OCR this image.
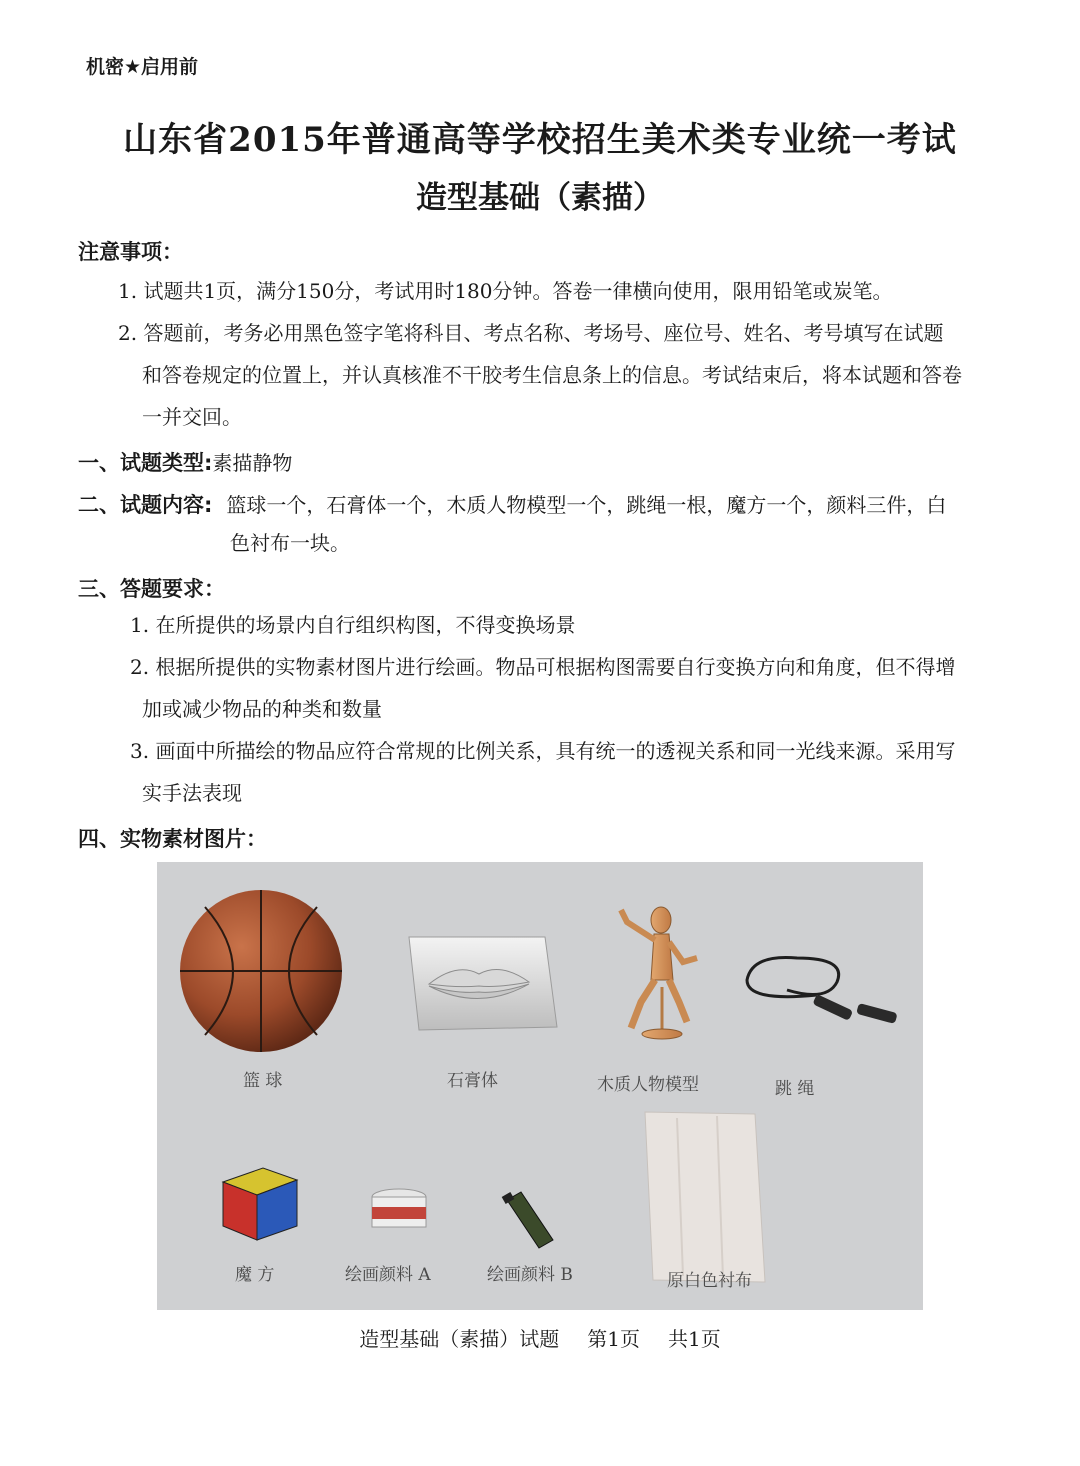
机密★启用前
山东省2015年普通高等学校招生美术类专业统一考试
造型基础（素描）
注意事项：
1. 试题共1页，满分150分，考试用时180分钟。答卷一律横向使用，限用铅笔或炭笔。
2. 答题前，考务必用黑色签字笔将科目、考点名称、考场号、座位号、姓名、考号填写在试题
和答卷规定的位置上，并认真核准不干胶考生信息条上的信息。考试结束后，将本试题和答卷
一并交回。
一、试题类型:素描静物
二、试题内容: 篮球一个，石膏体一个，木质人物模型一个，跳绳一根，魔方一个，颜料三件，白
色衬布一块。
三、答题要求：
1. 在所提供的场景内自行组织构图，不得变换场景
2. 根据所提供的实物素材图片进行绘画。物品可根据构图需要自行变换方向和角度，但不得增
加或减少物品的种类和数量
3. 画面中所描绘的物品应符合常规的比例关系，具有统一的透视关系和同一光线来源。采用写
实手法表现
四、实物素材图片：
篮 球	石膏体	木质人物模型	跳 绳
魔 方	绘画颜料 A	绘画颜料 B	原白色衬布
造型基础（素描）试题 第1页 共1页
